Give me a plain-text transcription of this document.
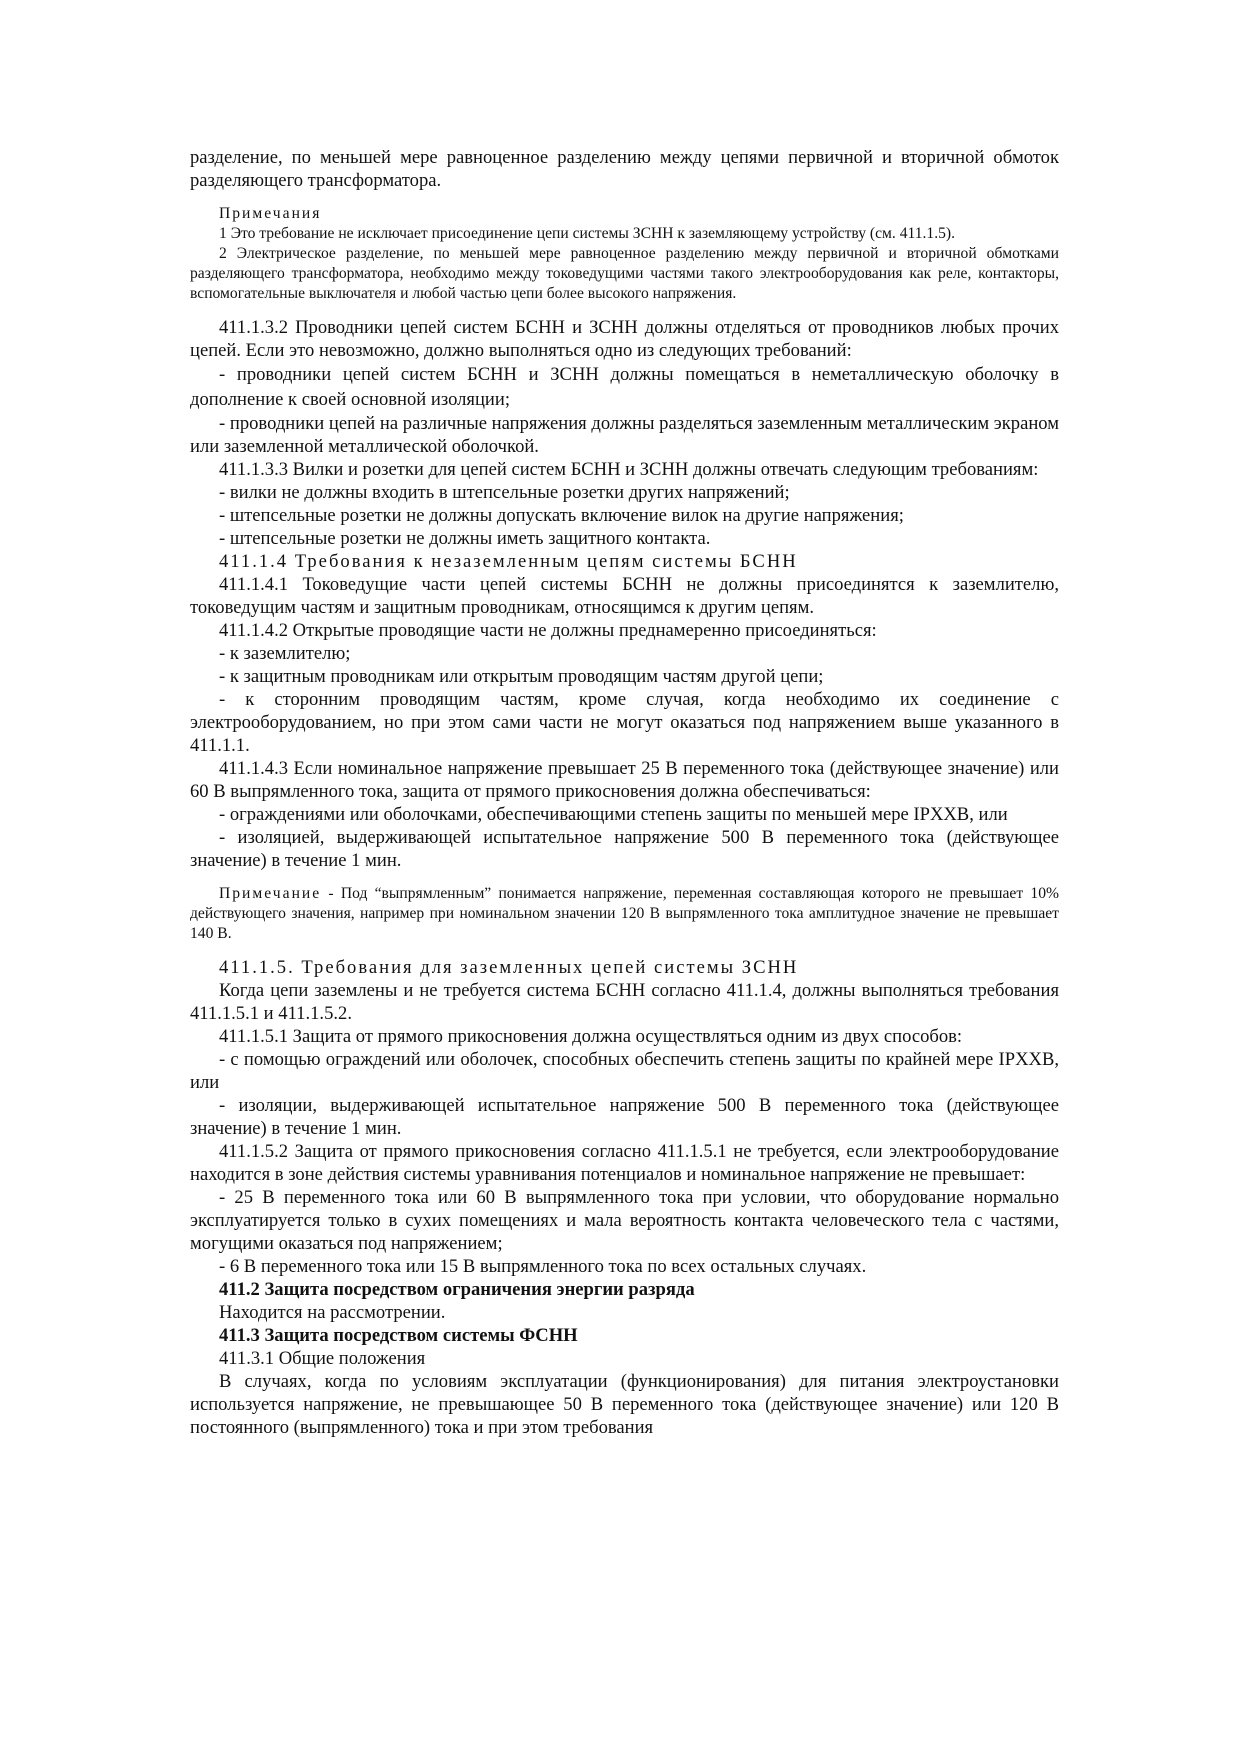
разделение, по меньшей мере равноценное разделению между цепями первичной и вторичной обмоток разделяющего трансформатора.

Примечания

1 Это требование не исключает присоединение цепи системы ЗСНН к заземляющему устройству (см. 411.1.5).

2 Электрическое разделение, по меньшей мере равноценное разделению между первичной и вторичной обмотками разделяющего трансформатора, необходимо между токоведущими частями такого электрооборудования как реле, контакторы, вспомогательные выключателя и любой частью цепи более высокого напряжения.

411.1.3.2 Проводники цепей систем БСНН и ЗСНН должны отделяться от проводников любых прочих цепей. Если это невозможно, должно выполняться одно из следующих требований:

- проводники цепей систем БСНН и ЗСНН должны помещаться в неметаллическую оболочку в дополнение к своей основной изоляции;

- проводники цепей на различные напряжения должны разделяться заземленным металлическим экраном или заземленной металлической оболочкой.

411.1.3.3 Вилки и розетки для цепей систем БСНН и ЗСНН должны отвечать следующим требованиям:

- вилки не должны входить в штепсельные розетки других напряжений;

- штепсельные розетки не должны допускать включение вилок на другие напряжения;

- штепсельные розетки не должны иметь защитного контакта.

411.1.4 Требования к незаземленным цепям системы БСНН

411.1.4.1 Токоведущие части цепей системы БСНН не должны присоединятся к заземлителю, токоведущим частям и защитным проводникам, относящимся к другим цепям.

411.1.4.2 Открытые проводящие части не должны преднамеренно присоединяться:

- к заземлителю;

- к защитным проводникам или открытым проводящим частям другой цепи;

- к сторонним проводящим частям, кроме случая, когда необходимо их соединение с электрооборудованием, но при этом сами части не могут оказаться под напряжением выше указанного в 411.1.1.

411.1.4.3 Если номинальное напряжение превышает 25 В переменного тока (действующее значение) или 60 В выпрямленного тока, защита от прямого прикосновения должна обеспечиваться:

- ограждениями или оболочками, обеспечивающими степень защиты по меньшей мере IPXXB, или

- изоляцией, выдерживающей испытательное напряжение 500 В переменного тока (действующее значение) в течение 1 мин.

Примечание - Под “выпрямленным” понимается напряжение, переменная составляющая которого не превышает 10% действующего значения, например при номинальном значении 120 В выпрямленного тока амплитудное значение не превышает 140 В.

411.1.5. Требования для заземленных цепей системы ЗСНН

Когда цепи заземлены и не требуется система БСНН согласно 411.1.4, должны выполняться требования 411.1.5.1 и 411.1.5.2.

411.1.5.1 Защита от прямого прикосновения должна осуществляться одним из двух способов:

- с помощью ограждений или оболочек, способных обеспечить степень защиты по крайней мере IPXXB, или

- изоляции, выдерживающей испытательное напряжение 500 В переменного тока (действующее значение) в течение 1 мин.

411.1.5.2 Защита от прямого прикосновения согласно 411.1.5.1 не требуется, если электрооборудование находится в зоне действия системы уравнивания потенциалов и номинальное напряжение не превышает:

- 25 В переменного тока или 60 В выпрямленного тока при условии, что оборудование нормально эксплуатируется только в сухих помещениях и мала вероятность контакта человеческого тела с частями, могущими оказаться под напряжением;

- 6 В переменного тока или 15 В выпрямленного тока по всех остальных случаях.

411.2 Защита посредством ограничения энергии разряда

Находится на рассмотрении.

411.3 Защита посредством системы ФСНН

411.3.1 Общие положения

В случаях, когда по условиям эксплуатации (функционирования) для питания электроустановки используется напряжение, не превышающее 50 В переменного тока (действующее значение) или 120 В постоянного (выпрямленного) тока и при этом требования
